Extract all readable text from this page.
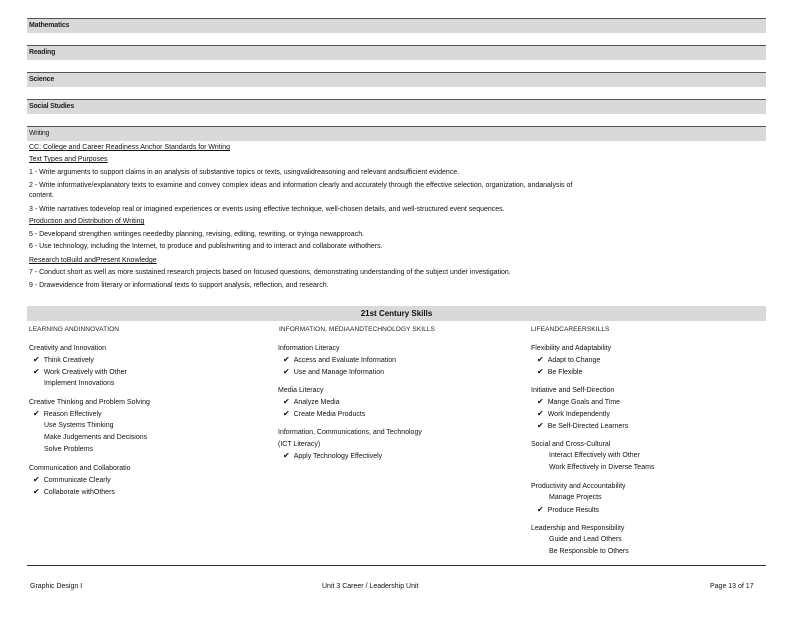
Mathematics
Reading
Science
Social Studies
Writing
CC: College and Career Readiness Anchor Standards for Writing
Text Types and Purposes
1 - Write arguments to support claims in an analysis of substantive topics or texts, usingvalidreasoning and relevant andsufficient evidence.
2 - Write informative/explanatory texts to examine and convey complex ideas and information clearly and accurately through the effective selection, organization, andanalysis of
content.
3 - Write narratives todevelop real or imagined experiences or events using effective technique, well-chosen details, and well-structured event sequences.
Production and Distribution of Writing
5 - Developand strengthen writinges neededby planning, revising, editing, rewriting, or tryinga newapproach.
6 - Use technology, including the Internet, to produce and publishwriting and to interact and collaborate withothers.
Research toBuild andPresent Knowledge
7 - Conduct short as well as more sustained research projects based on focused questions, demonstrating understanding of the subject under investigation.
9 - Drawevidence from literary or informational texts to support analysis, reflection, and research.
21st Century Skills
LEARNING ANDINNOVATION
Creativity and Innovation
✔ Think Creatively
✔ Work Creatively with Other
Implement Innovations
Creative Thinking and Problem Solving
✔ Reason Effectively
Use Systems Thinking
Make Judgements and Decisions
Solve Problems
Communication and Collaboratio
✔ Communicate Clearly
✔ Collaborate withOthers
INFORMATION, MEDIAANDTECHNOLOGY SKILLS
Information Literacy
✔ Access and Evaluate Information
✔ Use and Manage Information
Media Literacy
✔ Analyze Media
✔ Create Media Products
Information, Communications, and Technology
(ICT Literacy)
✔ Apply Technology Effectively
LIFEANDCAREERSKILLS
Flexibility and Adaptability
✔ Adapt to Change
✔ Be Flexible
Initiative and Self-Direction
✔ Mange Goals and Time
✔ Work Independently
✔ Be Self-Directed Learners
Social and Cross-Cultural
Interact Effectively with Other
Work Effectively in Diverse Teams
Productivity and Accountability
Manage Projects
✔ Produce Results
Leadership and Responsibility
Guide and Lead Others
Be Responsible to Others
Graphic Design I	Unit 3 Career / Leadership Unit	Page 13 of 17
